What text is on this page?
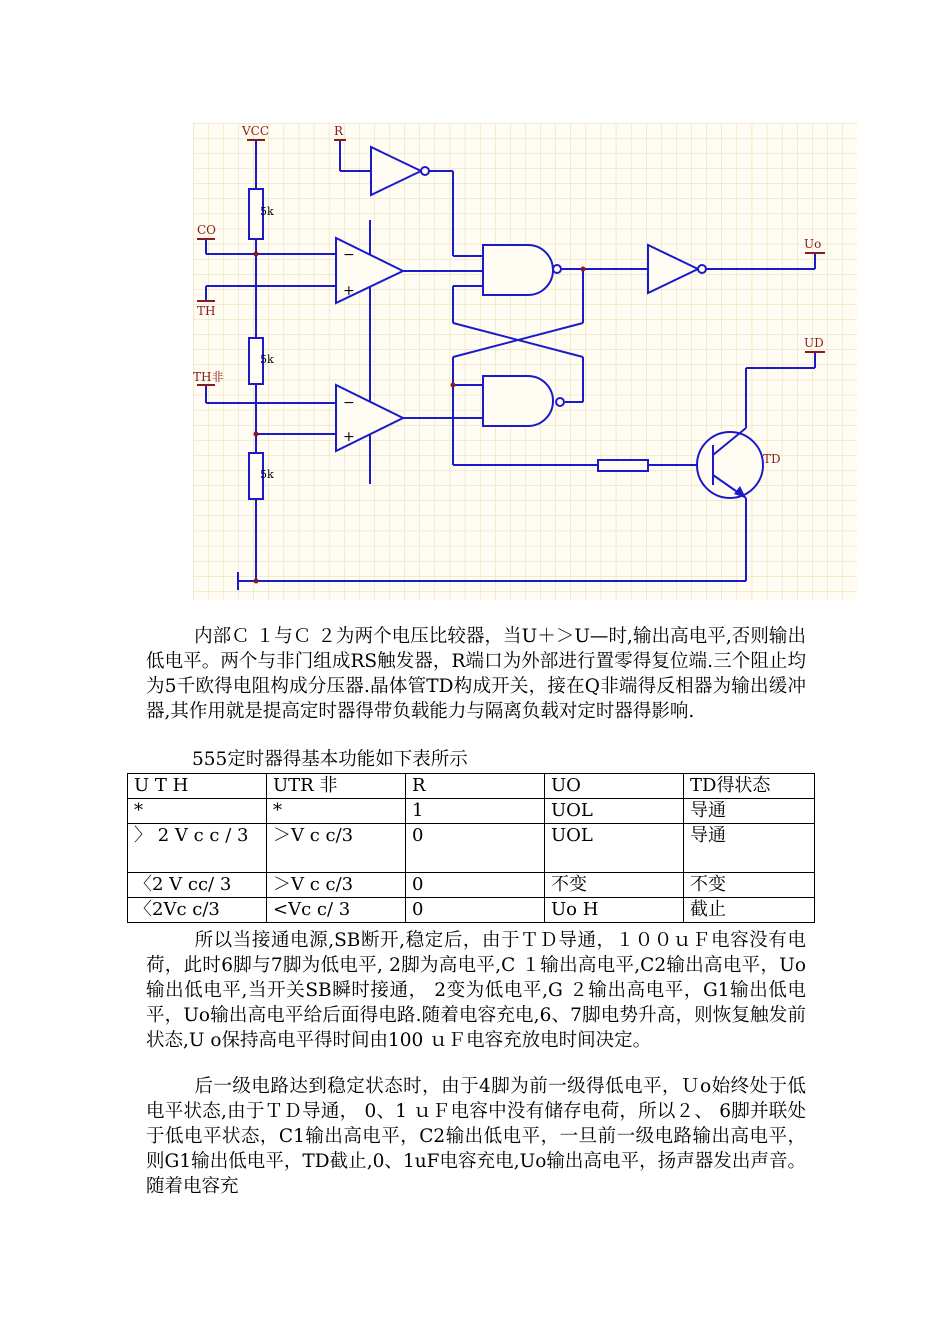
VCC	R
CO
TH
TH非
Uo
UD
TD
5k
5k
5k
−
+
−
+

内部Ｃ １与Ｃ ２为两个电压比较器，当U＋＞U—时,输出高电平,否则输出低电平。两个与非门组成RS触发器，R端口为外部进行置零得复位端.三个阻止均为5千欧得电阻构成分压器.晶体管TD构成开关，接在Q非端得反相器为输出缓冲器,其作用就是提高定时器得带负载能力与隔离负载对定时器得影响.

555定时器得基本功能如下表所示

U T H	UTR 非	R	UO	TD得状态
*	*	1	UOL	导通
〉 2 V c c / 3	＞V c c/3	0	UOL	导通
〈2 V cc/ 3	＞V c c/3	0	不变	不变
〈2Vc c/3	<Vc c/ 3	0	Uo H	截止

所以当接通电源,SB断开,稳定后，由于ＴＤ导通，１００ｕＦ电容没有电荷，此时6脚与7脚为低电平, 2脚为高电平,C １输出高电平,C2输出高电平，Uo输出低电平,当开关SB瞬时接通， 2变为低电平,G ２输出高电平，G1输出低电平，Uo输出高电平给后面得电路.随着电容充电,6、7脚电势升高，则恢复触发前状态,U o保持高电平得时间由100 ｕＦ电容充放电时间决定。

后一级电路达到稳定状态时，由于4脚为前一级得低电平，Ｕo始终处于低电平状态,由于ＴＤ导通， 0、1 ｕＦ电容中没有储存电荷，所以２、 6脚并联处于低电平状态，C1输出高电平，C2输出低电平，一旦前一级电路输出高电平，则G1输出低电平，TD截止,0、1uF电容充电,Uo输出高电平，扬声器发出声音。随着电容充
